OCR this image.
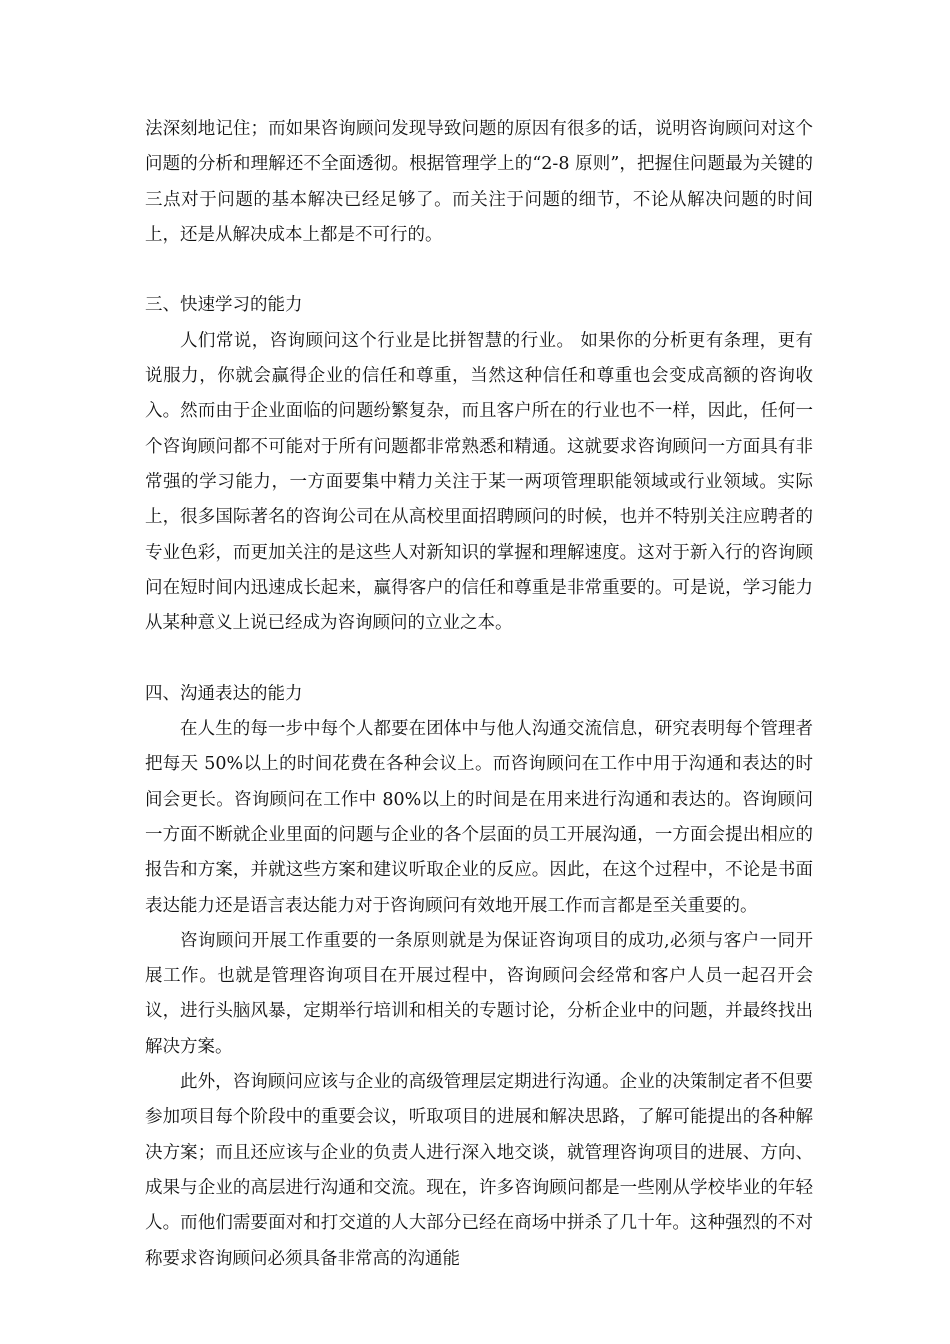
法深刻地记住；而如果咨询顾问发现导致问题的原因有很多的话，说明咨询顾问对这个问题的分析和理解还不全面透彻。根据管理学上的“2-8 原则”，把握住问题最为关键的三点对于问题的基本解决已经足够了。而关注于问题的细节，不论从解决问题的时间上，还是从解决成本上都是不可行的。

三、快速学习的能力

人们常说，咨询顾问这个行业是比拼智慧的行业。 如果你的分析更有条理，更有说服力，你就会赢得企业的信任和尊重，当然这种信任和尊重也会变成高额的咨询收入。然而由于企业面临的问题纷繁复杂，而且客户所在的行业也不一样，因此，任何一个咨询顾问都不可能对于所有问题都非常熟悉和精通。这就要求咨询顾问一方面具有非常强的学习能力，一方面要集中精力关注于某一两项管理职能领域或行业领域。实际上，很多国际著名的咨询公司在从高校里面招聘顾问的时候，也并不特别关注应聘者的专业色彩，而更加关注的是这些人对新知识的掌握和理解速度。这对于新入行的咨询顾问在短时间内迅速成长起来，赢得客户的信任和尊重是非常重要的。可是说，学习能力从某种意义上说已经成为咨询顾问的立业之本。

四、沟通表达的能力

在人生的每一步中每个人都要在团体中与他人沟通交流信息，研究表明每个管理者把每天 50%以上的时间花费在各种会议上。而咨询顾问在工作中用于沟通和表达的时间会更长。咨询顾问在工作中 80%以上的时间是在用来进行沟通和表达的。咨询顾问一方面不断就企业里面的问题与企业的各个层面的员工开展沟通，一方面会提出相应的报告和方案，并就这些方案和建议听取企业的反应。因此，在这个过程中，不论是书面表达能力还是语言表达能力对于咨询顾问有效地开展工作而言都是至关重要的。

咨询顾问开展工作重要的一条原则就是为保证咨询项目的成功,必须与客户一同开展工作。也就是管理咨询项目在开展过程中，咨询顾问会经常和客户人员一起召开会议，进行头脑风暴，定期举行培训和相关的专题讨论，分析企业中的问题，并最终找出解决方案。

此外，咨询顾问应该与企业的高级管理层定期进行沟通。企业的决策制定者不但要参加项目每个阶段中的重要会议，听取项目的进展和解决思路，了解可能提出的各种解决方案；而且还应该与企业的负责人进行深入地交谈，就管理咨询项目的进展、方向、成果与企业的高层进行沟通和交流。现在，许多咨询顾问都是一些刚从学校毕业的年轻人。而他们需要面对和打交道的人大部分已经在商场中拼杀了几十年。这种强烈的不对称要求咨询顾问必须具备非常高的沟通能
